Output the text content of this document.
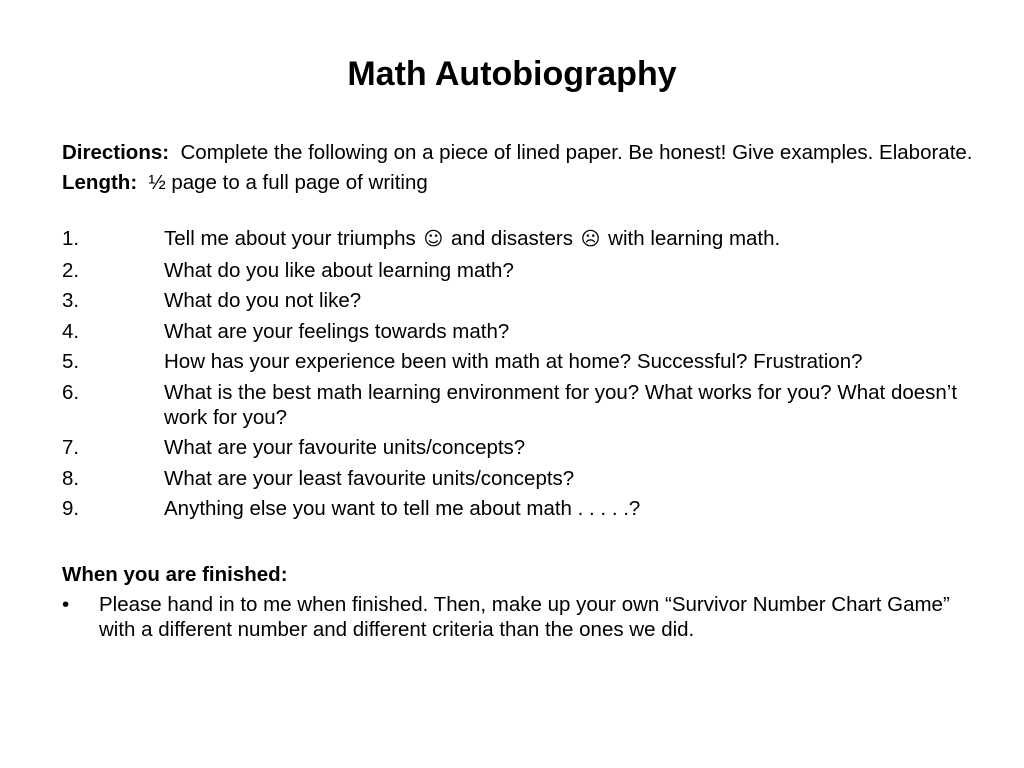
Math Autobiography

Directions: Complete the following on a piece of lined paper. Be honest! Give examples. Elaborate.

Length: ½ page to a full page of writing

1.	Tell me about your triumphs ☺ and disasters ☹ with learning math.
2.	What do you like about learning math?
3.	What do you not like?
4.	What are your feelings towards math?
5.	How has your experience been with math at home? Successful? Frustration?
6.	What is the best math learning environment for you? What works for you? What doesn’t work for you?
7.	What are your favourite units/concepts?
8.	What are your least favourite units/concepts?
9.	Anything else you want to tell me about math . . . . .?
When you are finished:
• Please hand in to me when finished. Then, make up your own “Survivor Number Chart Game” with a different number and different criteria than the ones we did.
